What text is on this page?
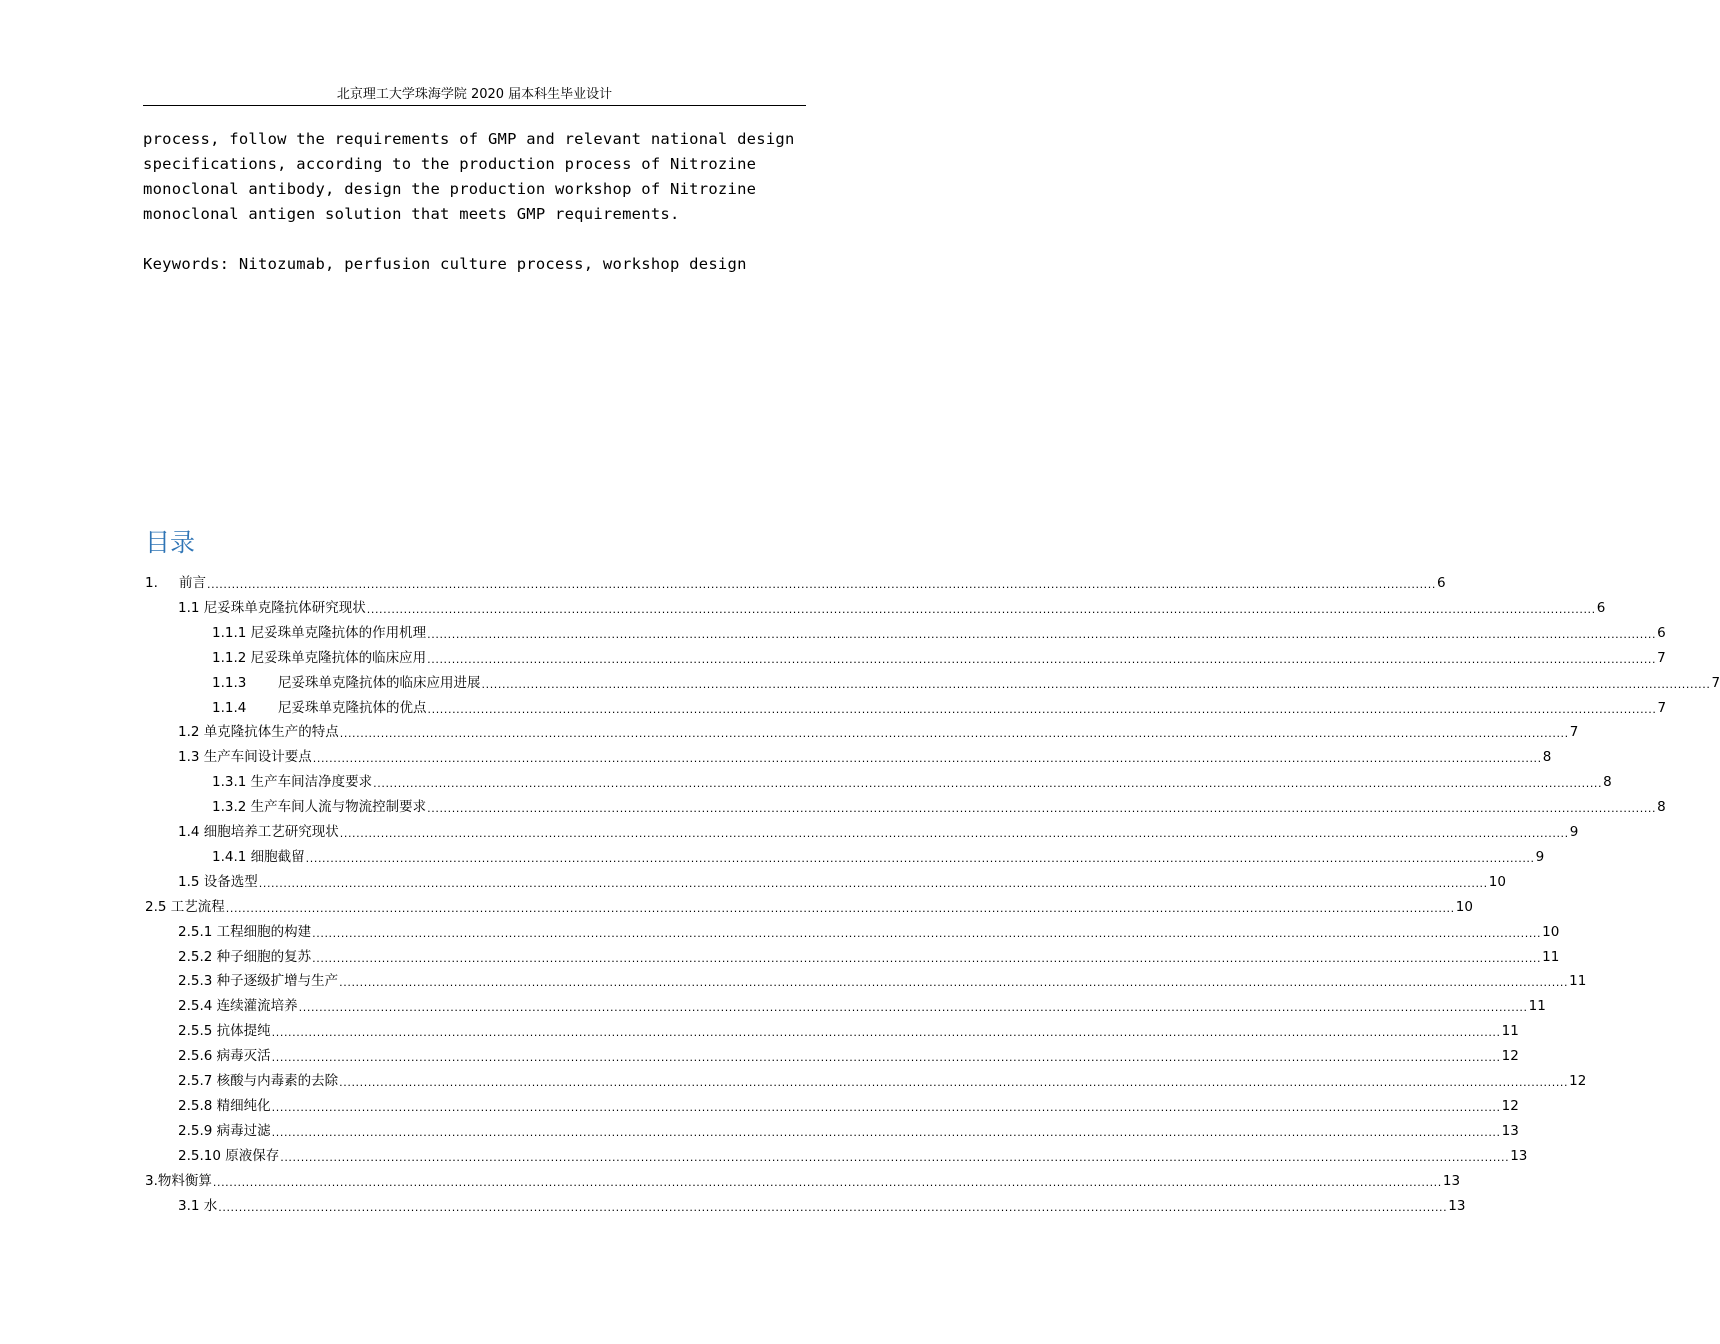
北京理工大学珠海学院 2020 届本科生毕业设计
process, follow the requirements of GMP and relevant national design
specifications, according to the production process of Nitrozine
monoclonal antibody, design the production workshop of Nitrozine
monoclonal antigen solution that meets GMP requirements.
Keywords: Nitozumab, perfusion culture process, workshop design
目录
1. 前言 ............................................................................................................................................................................................................................................................................................................ 6
1.1 尼妥珠单克隆抗体研究现状 ............................................................................................................................................................................................................................................................................................................ 6
1.1.1 尼妥珠单克隆抗体的作用机理 ............................................................................................................................................................................................................................................................................................................ 6
1.1.2 尼妥珠单克隆抗体的临床应用 ............................................................................................................................................................................................................................................................................................................ 7
1.1.3 尼妥珠单克隆抗体的临床应用进展 ............................................................................................................................................................................................................................................................................................................ 7
1.1.4 尼妥珠单克隆抗体的优点 ............................................................................................................................................................................................................................................................................................................ 7
1.2 单克隆抗体生产的特点 ............................................................................................................................................................................................................................................................................................................ 7
1.3 生产车间设计要点 ............................................................................................................................................................................................................................................................................................................ 8
1.3.1 生产车间洁净度要求 ............................................................................................................................................................................................................................................................................................................ 8
1.3.2 生产车间人流与物流控制要求 ............................................................................................................................................................................................................................................................................................................ 8
1.4 细胞培养工艺研究现状 ............................................................................................................................................................................................................................................................................................................ 9
1.4.1 细胞截留 ............................................................................................................................................................................................................................................................................................................ 9
1.5 设备选型 ............................................................................................................................................................................................................................................................................................................ 10
2.5 工艺流程 ............................................................................................................................................................................................................................................................................................................ 10
2.5.1 工程细胞的构建 ............................................................................................................................................................................................................................................................................................................ 10
2.5.2 种子细胞的复苏 ............................................................................................................................................................................................................................................................................................................ 11
2.5.3 种子逐级扩增与生产 ............................................................................................................................................................................................................................................................................................................ 11
2.5.4 连续灌流培养 ............................................................................................................................................................................................................................................................................................................ 11
2.5.5 抗体提纯 ............................................................................................................................................................................................................................................................................................................ 11
2.5.6 病毒灭活 ............................................................................................................................................................................................................................................................................................................ 12
2.5.7 核酸与内毒素的去除 ............................................................................................................................................................................................................................................................................................................ 12
2.5.8 精细纯化 ............................................................................................................................................................................................................................................................................................................ 12
2.5.9 病毒过滤 ............................................................................................................................................................................................................................................................................................................ 13
2.5.10 原液保存 ............................................................................................................................................................................................................................................................................................................ 13
3.物料衡算 ............................................................................................................................................................................................................................................................................................................ 13
3.1 水 ............................................................................................................................................................................................................................................................................................................ 13
